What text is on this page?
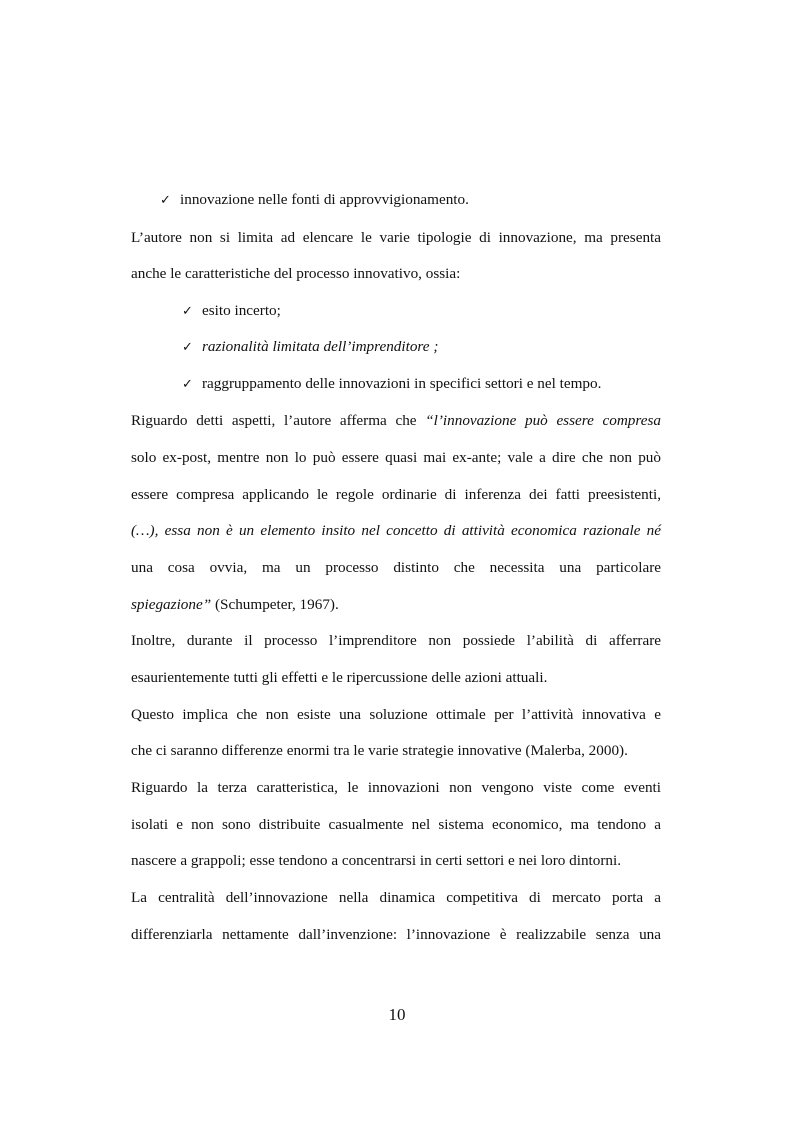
✓ innovazione nelle fonti di approvvigionamento.
L’autore non si limita ad elencare le varie tipologie di innovazione, ma presenta
anche le caratteristiche del processo innovativo, ossia:
✓ esito incerto;
✓ razionalità limitata dell’imprenditore ;
✓ raggruppamento delle innovazioni in specifici settori e nel tempo.
Riguardo detti aspetti, l’autore afferma che “l’innovazione può essere compresa
solo ex-post, mentre non lo può essere quasi mai ex-ante; vale a dire che non può
essere compresa applicando le regole ordinarie di inferenza dei fatti preesistenti,
(…), essa non è un elemento insito nel concetto di attività economica razionale né
una cosa ovvia, ma un processo distinto che necessita una particolare
spiegazione” (Schumpeter, 1967).
Inoltre, durante il processo l’imprenditore non possiede l’abilità di afferrare
esaurientemente tutti gli effetti e le ripercussione delle azioni attuali.
Questo implica che non esiste una soluzione ottimale per l’attività innovativa e
che ci saranno differenze enormi tra le varie strategie innovative (Malerba, 2000).
Riguardo la terza caratteristica, le innovazioni non vengono viste come eventi
isolati e non sono distribuite casualmente nel sistema economico, ma tendono a
nascere a grappoli; esse tendono a concentrarsi in certi settori e nei loro dintorni.
La centralità dell’innovazione nella dinamica competitiva di mercato porta a
differenziarla nettamente dall’invenzione: l’innovazione è realizzabile senza una
10
